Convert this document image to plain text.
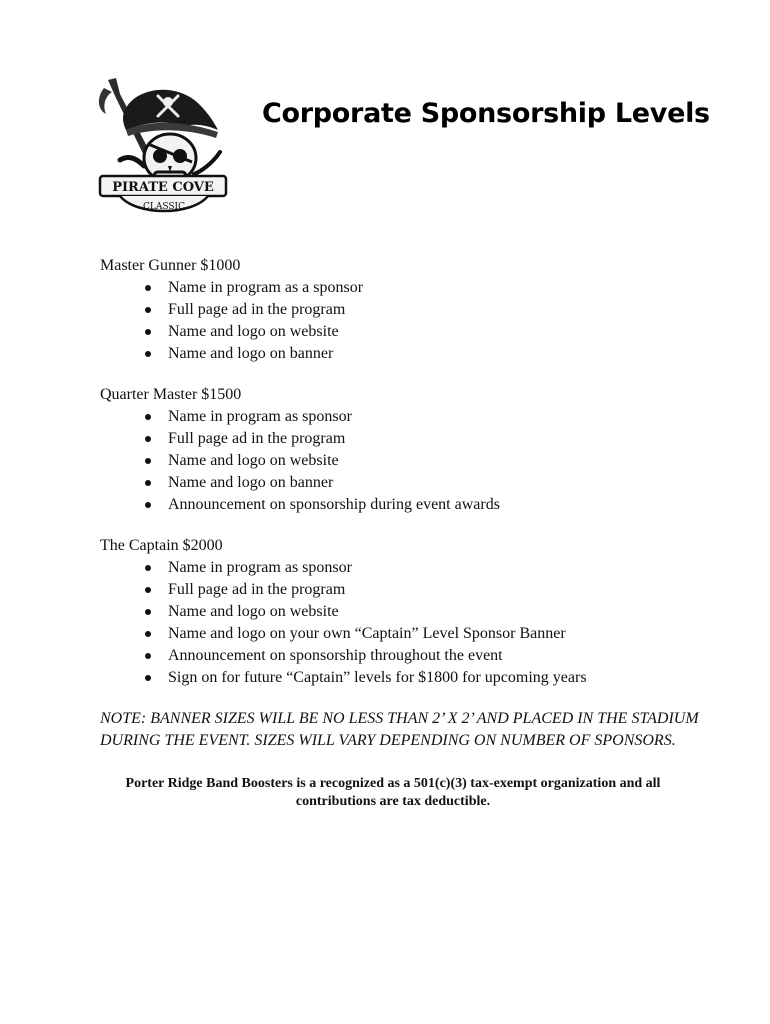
PIRATE COVE
CLASSIC
Corporate Sponsorship Levels

Master Gunner $1000

Name in program as a sponsor
Full page ad in the program
Name and logo on website
Name and logo on banner

Quarter Master $1500

Name in program as sponsor
Full page ad in the program
Name and logo on website
Name and logo on banner
Announcement on sponsorship during event awards

The Captain $2000

Name in program as sponsor
Full page ad in the program
Name and logo on website
Name and logo on your own “Captain” Level Sponsor Banner
Announcement on sponsorship throughout the event
Sign on for future “Captain” levels for $1800 for upcoming years

NOTE: BANNER SIZES WILL BE NO LESS THAN 2’ X 2’ AND PLACED IN THE STADIUM DURING THE EVENT. SIZES WILL VARY DEPENDING ON NUMBER OF SPONSORS.

Porter Ridge Band Boosters is a recognized as a 501(c)(3) tax-exempt organization and all contributions are tax deductible.
